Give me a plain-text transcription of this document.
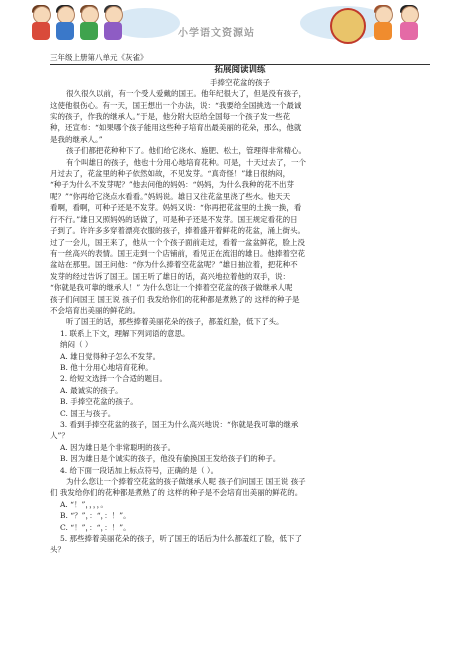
小学语文资源站

三年级上册第八单元《灰雀》

拓展阅读训练

手捧空花盆的孩子

很久很久以前，有一个受人爱戴的国王。他年纪很大了，但是没有孩子，

这使他很伤心。有一天，国王想出一个办法，说：“我要给全国挑选一个最诚

实的孩子，作我的继承人。”于是，他分附大臣给全国每一个孩子发一些花

种，还宣布：“如果哪个孩子能用这些种子培育出最美丽的花朵，那么，他就

是我的继承人。”

孩子们都把花种种下了。他们给它浇水、施肥、松土，管理得非常精心。

有个叫雄日的孩子，他也十分用心地培育花种。可是，十天过去了，一个

月过去了，花盆里的种子依然如故，不见发芽。“真奇怪！”雄日很纳闷，

“种子为什么不发芽呢？”他去问他的妈妈：“妈妈，为什么我种的花不出芽

呢？”“你再给它浇点水看看。”妈妈说。雄日又往花盆里浇了些水。他天天

看啊，看啊，可种子还是不发芽。妈妈又说：“你再把花盆里的土换一换，看

行不行。”雄日又照妈妈的话做了，可是种子还是不发芽。国王规定看花的日

子到了。许许多多穿着漂亮衣服的孩子，捧着盛开着鲜花的花盆，涌上街头。

过了一会儿，国王来了，他从一个个孩子面前走过，看着一盆盆鲜花，脸上没

有一丝高兴的表情。国王走到一个店铺前，看见正在流泪的雄日。他捧着空花

盆站在那里。国王问他：“你为什么捧着空花盆呢？”雄日抽泣着，把花种不

发芽的经过告诉了国王。国王听了雄日的话，高兴地拉着他的双手，说：

“你就是我可靠的继承人！” 为什么您让一个捧着空花盆的孩子做继承人呢

孩子们问国王 国王说 孩子们 我发给你们的花种都是煮熟了的 这样的种子是

不会培育出美丽的鲜花的。

听了国王的话，那些捧着美丽花朵的孩子，都羞红脸，低下了头。

1. 联系上下文，理解下列词语的意思。

纳闷（ ）

A. 雄日觉得种子怎么不发芽。

B. 他十分用心地培育花种。

2. 给短文选择一个合适的题目。

A. 最诚实的孩子。

B. 手捧空花盆的孩子。

C. 国王与孩子。

3. 看到手捧空花盆的孩子，国王为什么高兴地说：“你就是我可靠的继承

人”？

A. 因为雄日是个非常聪明的孩子。

B. 因为雄日是个诚实的孩子，他没有偷换国王发给孩子们的种子。

4. 给下面一段话加上标点符号，正确的是（ ）。

为什么您让一个捧着空花盆的孩子做继承人呢 孩子们问国王 国王说 孩子

们 我发给你们的花种都是煮熟了的 这样的种子是不会培育出美丽的鲜花的。

A. “！”，，，，。

B. “？”，：“，：！”。

C. “！”，：“，：！”。

5. 那些捧着美丽花朵的孩子，听了国王的话后为什么都羞红了脸，低下了

头？
